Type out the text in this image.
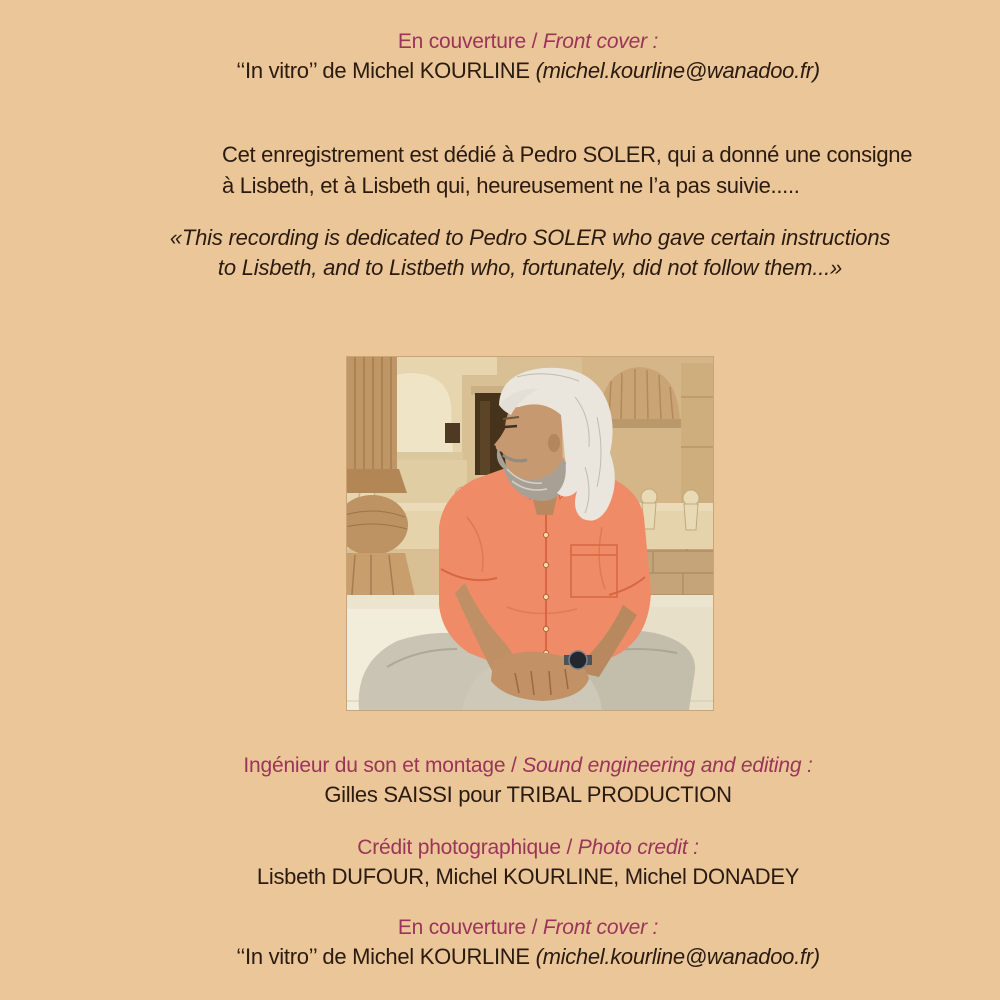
En couverture / Front cover :
‘‘In vitro’’ de Michel KOURLINE (michel.kourline@wanadoo.fr)
Cet enregistrement est dédié à Pedro SOLER, qui a donné une consigne
à Lisbeth, et à Lisbeth qui, heureusement ne l’a pas suivie.....
«This recording is dedicated to Pedro SOLER who gave certain instructions
to Lisbeth, and to Listbeth who, fortunately, did not follow them...»
Ingénieur du son et montage / Sound engineering and editing :
Gilles SAISSI pour TRIBAL PRODUCTION
Crédit photographique / Photo credit :
Lisbeth DUFOUR, Michel KOURLINE, Michel DONADEY
En couverture / Front cover :
‘‘In vitro’’ de Michel KOURLINE (michel.kourline@wanadoo.fr)
